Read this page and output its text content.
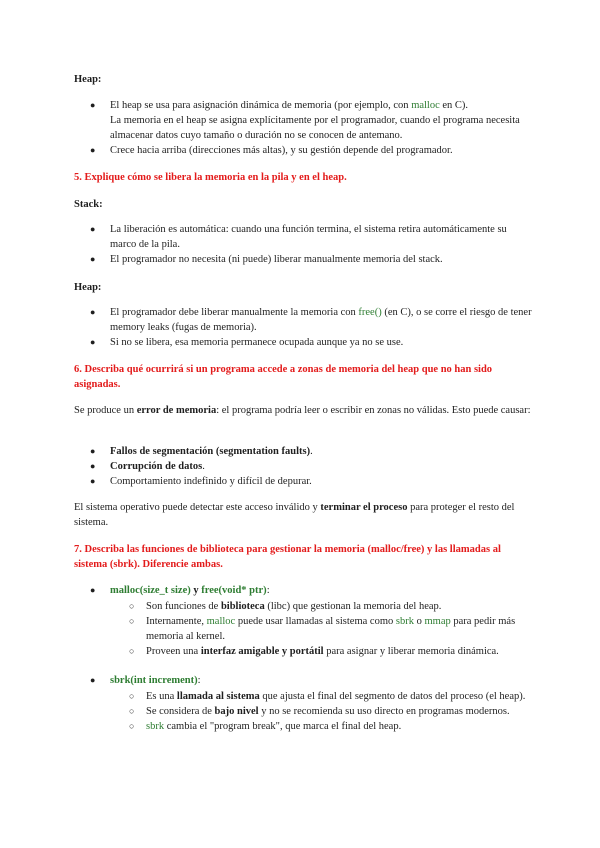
Heap:
● El heap se usa para asignación dinámica de memoria (por ejemplo, con malloc en C).
La memoria en el heap se asigna explícitamente por el programador, cuando el programa necesita almacenar datos cuyo tamaño o duración no se conocen de antemano.
● Crece hacia arriba (direcciones más altas), y su gestión depende del programador.
5. Explique cómo se libera la memoria en la pila y en el heap.
Stack:
● La liberación es automática: cuando una función termina, el sistema retira automáticamente su marco de la pila.
● El programador no necesita (ni puede) liberar manualmente memoria del stack.
Heap:
● El programador debe liberar manualmente la memoria con free() (en C), o se corre el riesgo de tener memory leaks (fugas de memoria).
● Si no se libera, esa memoria permanece ocupada aunque ya no se use.
6. Describa qué ocurrirá si un programa accede a zonas de memoria del heap que no han sido asignadas.
Se produce un error de memoria: el programa podría leer o escribir en zonas no válidas. Esto puede causar:
● Fallos de segmentación (segmentation faults).
● Corrupción de datos.
● Comportamiento indefinido y difícil de depurar.
El sistema operativo puede detectar este acceso inválido y terminar el proceso para proteger el resto del sistema.
7. Describa las funciones de biblioteca para gestionar la memoria (malloc/free) y las llamadas al sistema (sbrk). Diferencie ambas.
● malloc(size_t size) y free(void* ptr):
○ Son funciones de biblioteca (libc) que gestionan la memoria del heap.
○ Internamente, malloc puede usar llamadas al sistema como sbrk o mmap para pedir más memoria al kernel.
○ Proveen una interfaz amigable y portátil para asignar y liberar memoria dinámica.
● sbrk(int increment):
○ Es una llamada al sistema que ajusta el final del segmento de datos del proceso (el heap).
○ Se considera de bajo nivel y no se recomienda su uso directo en programas modernos.
○ sbrk cambia el "program break", que marca el final del heap.
